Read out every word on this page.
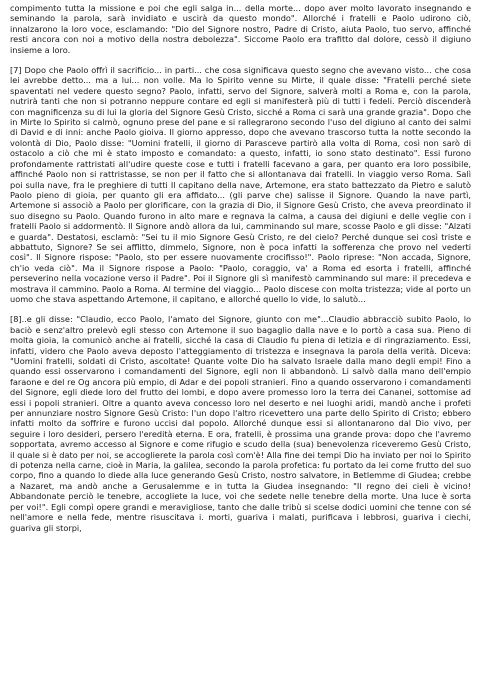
compimento tutta la missione e poi che egli salga in... della morte... dopo aver molto lavorato insegnando e seminando la parola, sarà invidiato e uscirà da questo mondo". Allorché i fratelli e Paolo udirono ciò, innalzarono la loro voce, esclamando: "Dio del Signore nostro, Padre di Cristo, aiuta Paolo, tuo servo, affinché resti ancora con noi a motivo della nostra debolezza". Siccome Paolo era trafitto dal dolore, cessò il digiuno insieme a loro.

[7] Dopo che Paolo offrì il sacrificio... in parti... che cosa significava questo segno che avevano visto... che cosa lei avrebbe detto... ma a lui... non volle. Ma lo Spirito venne su Mirte, il quale disse: "Fratelli perché siete spaventati nel vedere questo segno? Paolo, infatti, servo del Signore, salverà molti a Roma e, con la parola, nutrirà tanti che non si potranno neppure contare ed egli si manifesterà più di tutti i fedeli. Perciò discenderà con magnificenza su di lui la gloria del Signore Gesù Cristo, sicché a Roma ci sarà una grande grazia". Dopo che in Mirte lo Spirito si calmò, ognuno prese del pane e si rallegrarono secondo l'uso del digiuno al canto dei salmi di David e di inni: anche Paolo gioiva. Il giorno appresso, dopo che avevano trascorso tutta la notte secondo la volontà di Dio, Paolo disse: "Uomini fratelli, il giorno di Parasceve partirò alla volta di Roma, così non sarò di ostacolo a ciò che mi è stato imposto e comandato: a questo, infatti, io sono stato destinato". Essi furono profondamente rattristati all'udire queste cose e tutti i fratelli facevano a gara, per quanto era loro possibile, affinché Paolo non si rattristasse, se non per il fatto che si allontanava dai fratelli. In viaggio verso Roma. Salì poi sulla nave, fra le preghiere di tutti Il capitano della nave, Artemone, era stato battezzato da Pietro e salutò Paolo pieno di gioia, per quanto gli era affidato... (gli parve che) salisse il Signore. Quando la nave partì, Artemone si associò a Paolo per glorificare, con la grazia di Dio, il Signore Gesù Cristo, che aveva preordinato il suo disegno su Paolo. Quando furono in alto mare e regnava la calma, a causa dei digiuni e delle veglie con i fratelli Paolo si addormentò. Il Signore andò allora da lui, camminando sul mare, scosse Paolo e gli disse: "Alzati e guarda". Destatosi, esclamò: "Sei tu il mio Signore Gesù Cristo, re del cielo? Perché dunque sei così triste e abbattuto, Signore? Se sei afflitto, dimmelo, Signore, non è poca infatti la sofferenza che provo nel vederti così". Il Signore rispose: "Paolo, sto per essere nuovamente crocifisso!". Paolo riprese: "Non accada, Signore, ch'io veda ciò". Ma il Signore rispose a Paolo: "Paolo, coraggio, va' a Roma ed esorta i fratelli, affinché perseverino nella vocazione verso il Padre". Poi il Signore gli sì manifestò camminando sul mare: il precedeva e mostrava il cammino. Paolo a Roma. Al termine del viaggio... Paolo discese con molta tristezza; vide al porto un uomo che stava aspettando Artemone, il capitano, e allorché quello lo vide, lo salutò...

[8]..e gli disse: "Claudio, ecco Paolo, l'amato del Signore, giunto con me"...Claudio abbracciò subito Paolo, lo baciò e senz'altro prelevò egli stesso con Artemone il suo bagaglio dalla nave e lo portò a casa sua. Pieno di molta gioia, la comunicò anche ai fratelli, sicché la casa di Claudio fu piena di letizia e di ringraziamento. Essi, infatti, videro che Paolo aveva deposto l'atteggiamento di tristezza e insegnava la parola della verità. Diceva: "Uomini fratelli, soldati di Cristo, ascoltate! Quante volte Dio ha salvato Israele dalla mano degli empi! Fino a quando essi osservarono i comandamenti del Signore, egli non li abbandonò. Li salvò dalla mano dell'empio faraone e del re Og ancora più empio, di Adar e dei popoli stranieri. Fino a quando osservarono i comandamenti del Signore, egli diede loro del frutto dei lombi, e dopo avere promesso loro la terra dei Cananei, sottomise ad essi i popoli stranieri. Oltre a quanto aveva concesso loro nel deserto e nei luoghi aridi, mandò anche i profeti per annunziare nostro Signore Gesù Cristo: l'un dopo l'altro ricevettero una parte dello Spirito di Cristo; ebbero infatti molto da soffrire e furono uccisi dal popolo. Allorché dunque essi si allontanarono dal Dio vivo, per seguire i loro desideri, persero l'eredità eterna. E ora, fratelli, è prossima una grande prova: dopo che l'avremo sopportata, avremo accesso al Signore e come rifugio e scudo della (sua) benevolenza riceveremo Gesù Cristo, il quale si è dato per noi, se accoglierete la parola così com'è! Alla fine dei tempi Dio ha inviato per noi lo Spirito di potenza nella carne, cioè in Maria, la galilea, secondo la parola profetica: fu portato da lei come frutto del suo corpo, fino a quando lo diede alla luce generando Gesù Cristo, nostro salvatore, in Betlemme di Giudea; crebbe a Nazaret, ma andò anche a Gerusalemme e in tutta la Giudea insegnando: "Il regno dei cieli è vicino! Abbandonate perciò le tenebre, accogliete la luce, voi che sedete nelle tenebre della morte. Una luce è sorta per voi!". Egli compì opere grandi e meravigliose, tanto che dalle tribù si scelse dodici uomini che tenne con sé nell'amore e nella fede, mentre risuscitava i. morti, guariva i malati, purificava i lebbrosi, guariva i ciechi, guariva gli storpi,
